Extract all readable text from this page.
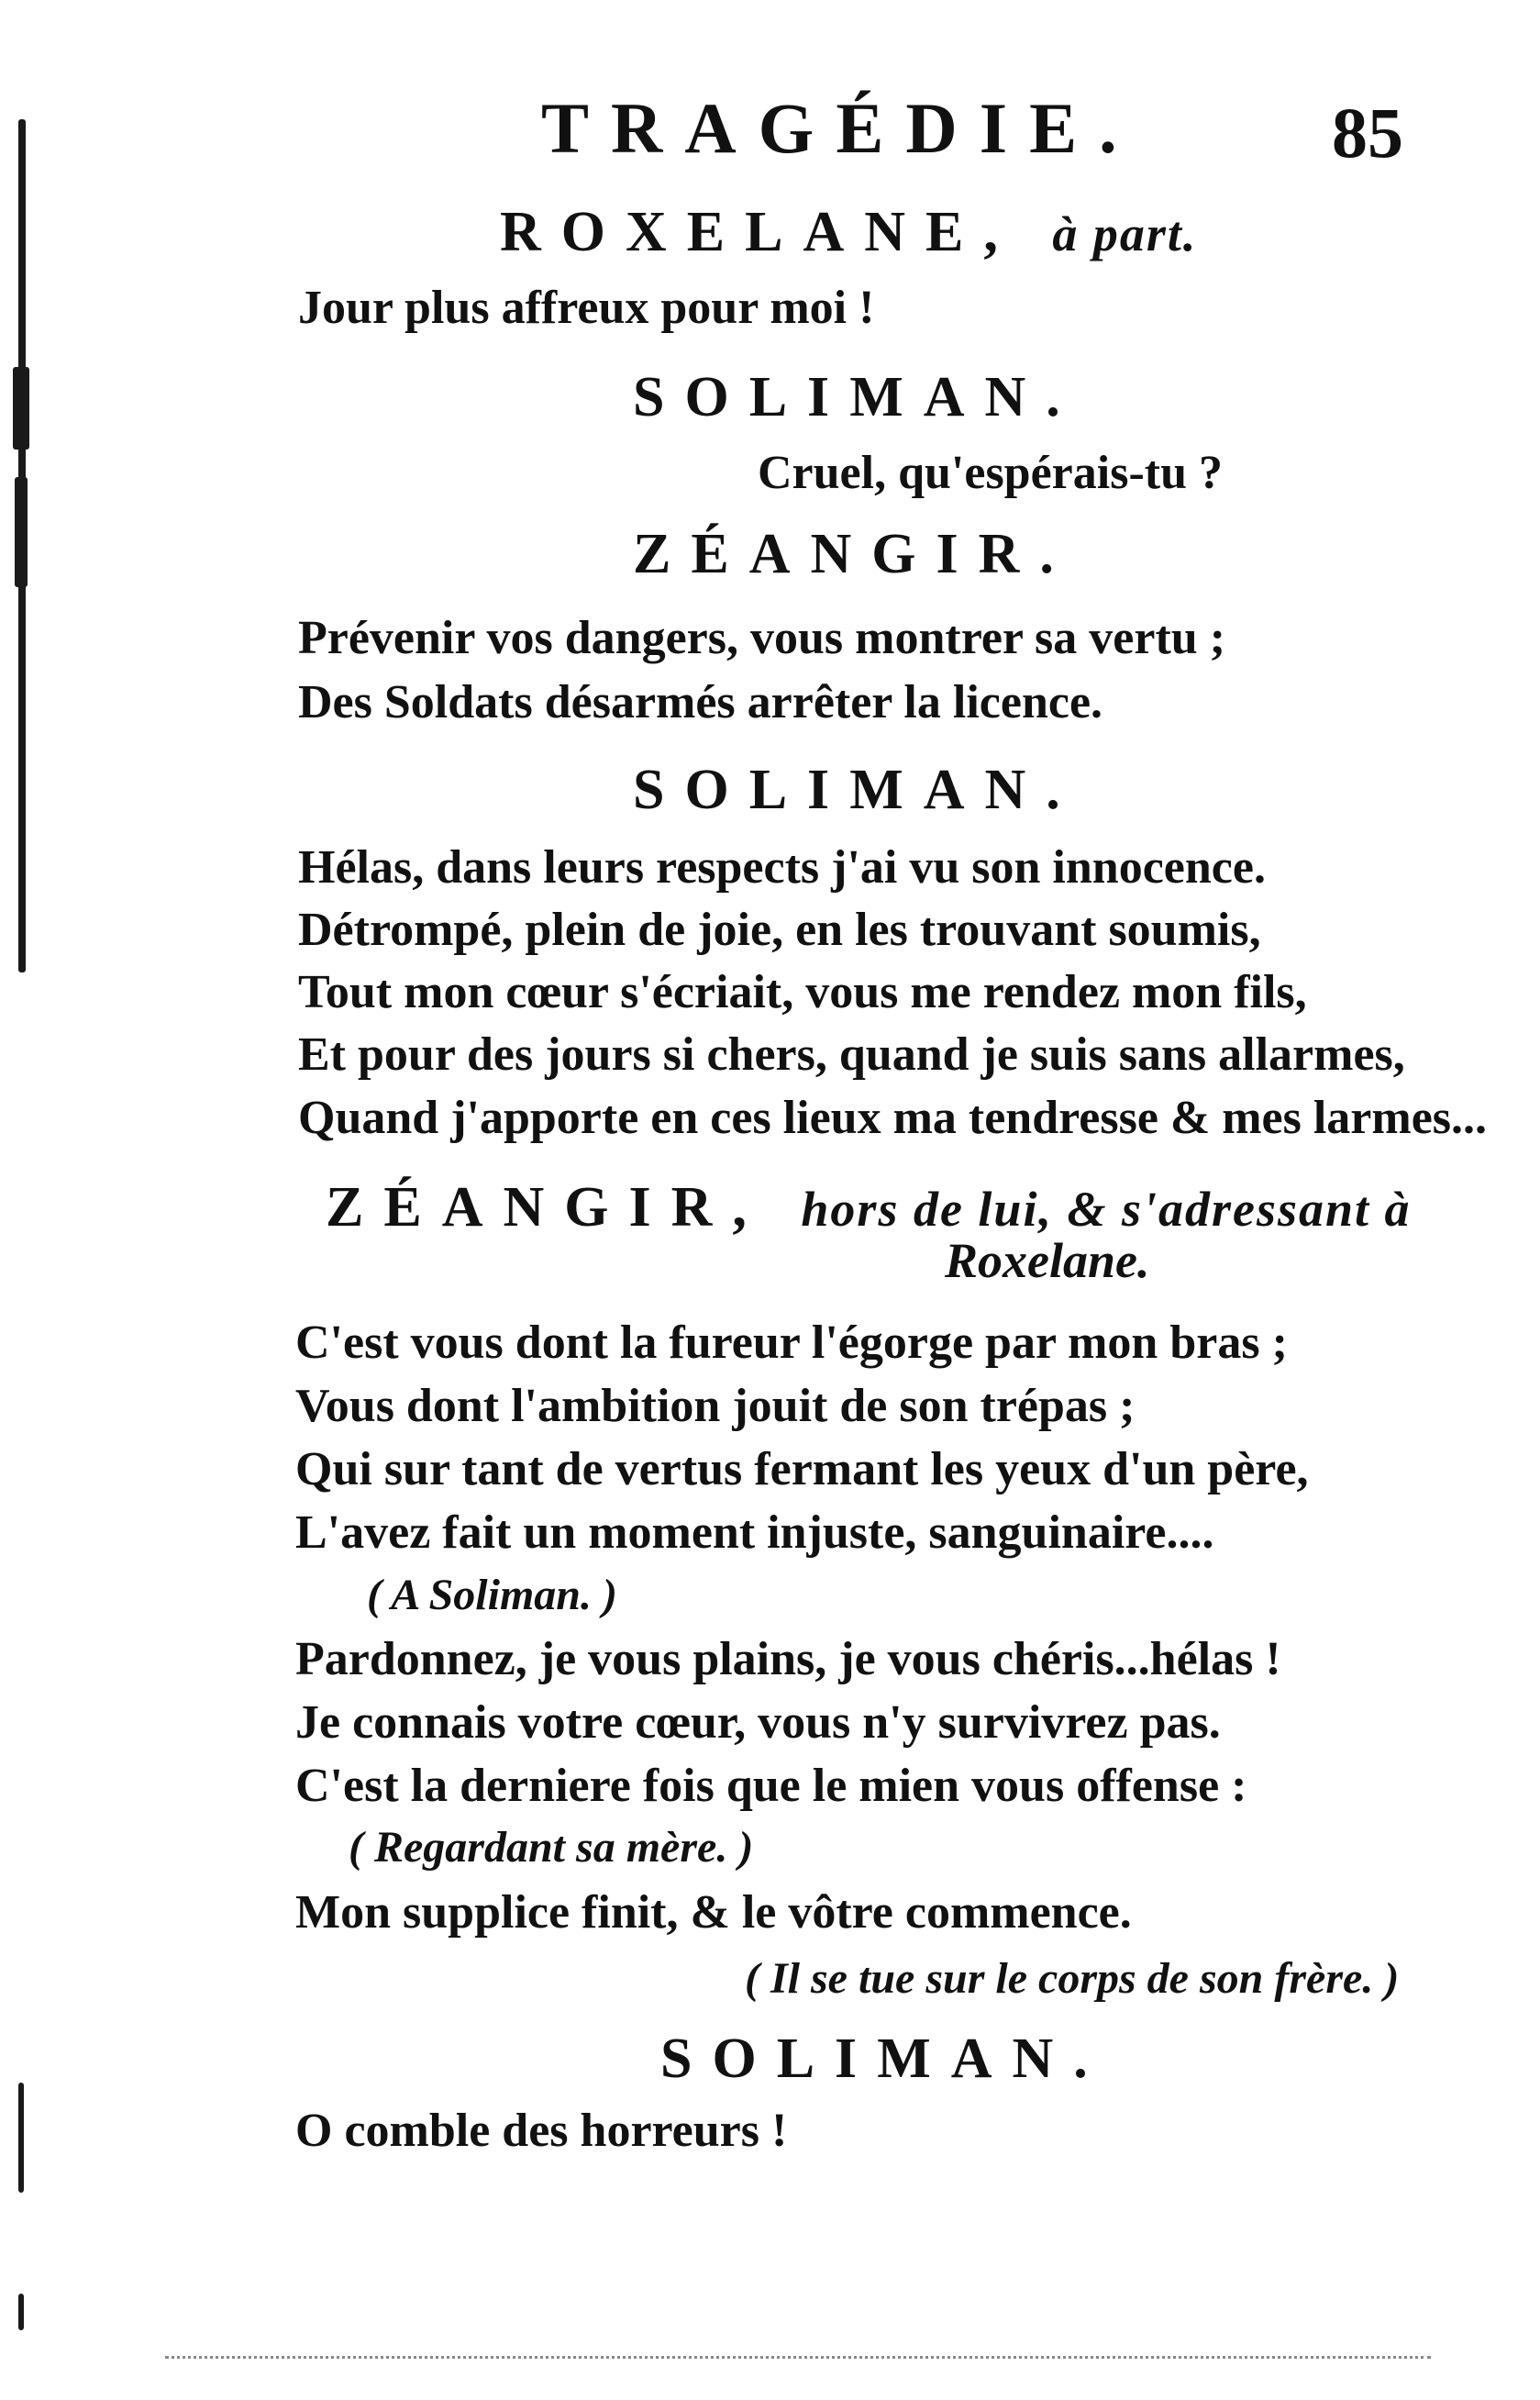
TRAGÉDIE.	85
ROXELANE, à part.
Jour plus affreux pour moi !
SOLIMAN.
Cruel, qu'espérais-tu ?
ZÉANGIR.
Prévenir vos dangers, vous montrer sa vertu ;
Des Soldats désarmés arrêter la licence.
SOLIMAN.
Hélas, dans leurs respects j'ai vu son innocence.
Détrompé, plein de joie, en les trouvant soumis,
Tout mon cœur s'écriait, vous me rendez mon fils,
Et pour des jours si chers, quand je suis sans allarmes,
Quand j'apporte en ces lieux ma tendresse & mes larmes...
ZÉANGIR, hors de lui, & s'adressant à
Roxelane.
C'est vous dont la fureur l'égorge par mon bras ;
Vous dont l'ambition jouit de son trépas ;
Qui sur tant de vertus fermant les yeux d'un père,
L'avez fait un moment injuste, sanguinaire....
( A Soliman. )
Pardonnez, je vous plains, je vous chéris...hélas !
Je connais votre cœur, vous n'y survivrez pas.
C'est la derniere fois que le mien vous offense :
( Regardant sa mère. )
Mon supplice finit, & le vôtre commence.
( Il se tue sur le corps de son frère. )
SOLIMAN.
O comble des horreurs !
